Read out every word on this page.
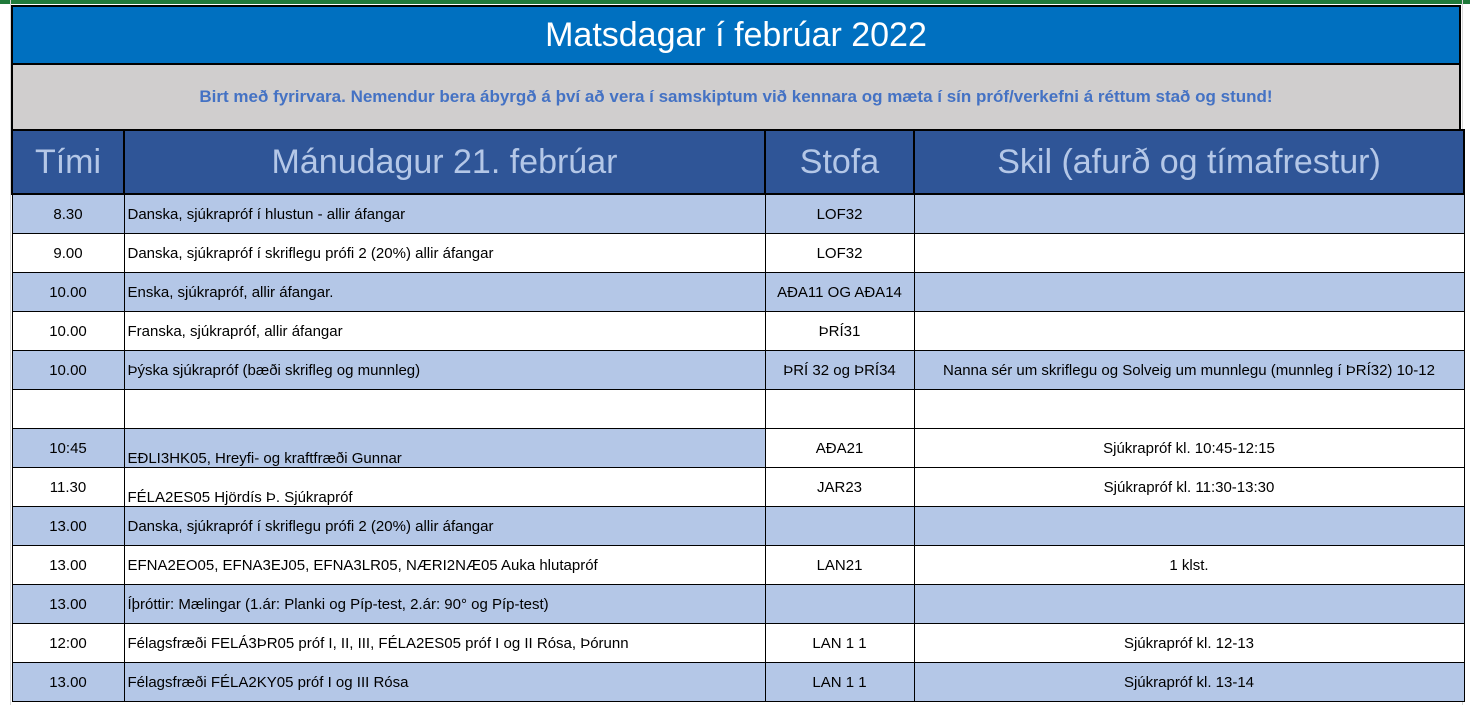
Matsdagar í febrúar 2022
Birt með fyrirvara. Nemendur bera ábyrgð á því að vera í samskiptum við kennara og mæta í sín próf/verkefni á réttum stað og stund!
Tími	Mánudagur 21. febrúar	Stofa	Skil (afurð og tímafrestur)
8.30	Danska, sjúkrapróf í hlustun - allir áfangar	LOF32	
9.00	Danska, sjúkrapróf í skriflegu prófi 2 (20%) allir áfangar	LOF32	
10.00	Enska, sjúkrapróf, allir áfangar.	AÐA11 OG AÐA14	
10.00	Franska, sjúkrapróf, allir áfangar	ÞRÍ31	
10.00	Þýska sjúkrapróf (bæði skrifleg og munnleg)	ÞRÍ 32 og ÞRÍ34	Nanna sér um skriflegu og Solveig um munnlegu (munnleg í ÞRÍ32) 10-12

10:45	EÐLI3HK05, Hreyfi- og kraftfræði Gunnar	AÐA21	Sjúkrapróf kl. 10:45-12:15
11.30	FÉLA2ES05 Hjördís Þ. Sjúkrapróf	JAR23	Sjúkrapróf kl. 11:30-13:30
13.00	Danska, sjúkrapróf í skriflegu prófi 2 (20%) allir áfangar		
13.00	EFNA2EO05, EFNA3EJ05, EFNA3LR05, NÆRI2NÆ05 Auka hlutapróf	LAN21	1 klst.
13.00	Íþróttir: Mælingar (1.ár: Planki og Píp-test, 2.ár: 90° og Píp-test)		
12:00	Félagsfræði FELÁ3ÞR05 próf I, II, III, FÉLA2ES05 próf I og II Rósa, Þórunn	LAN 1 1	Sjúkrapróf kl. 12-13
13.00	Félagsfræði FÉLA2KY05 próf I og III Rósa	LAN 1 1	Sjúkrapróf kl. 13-14
